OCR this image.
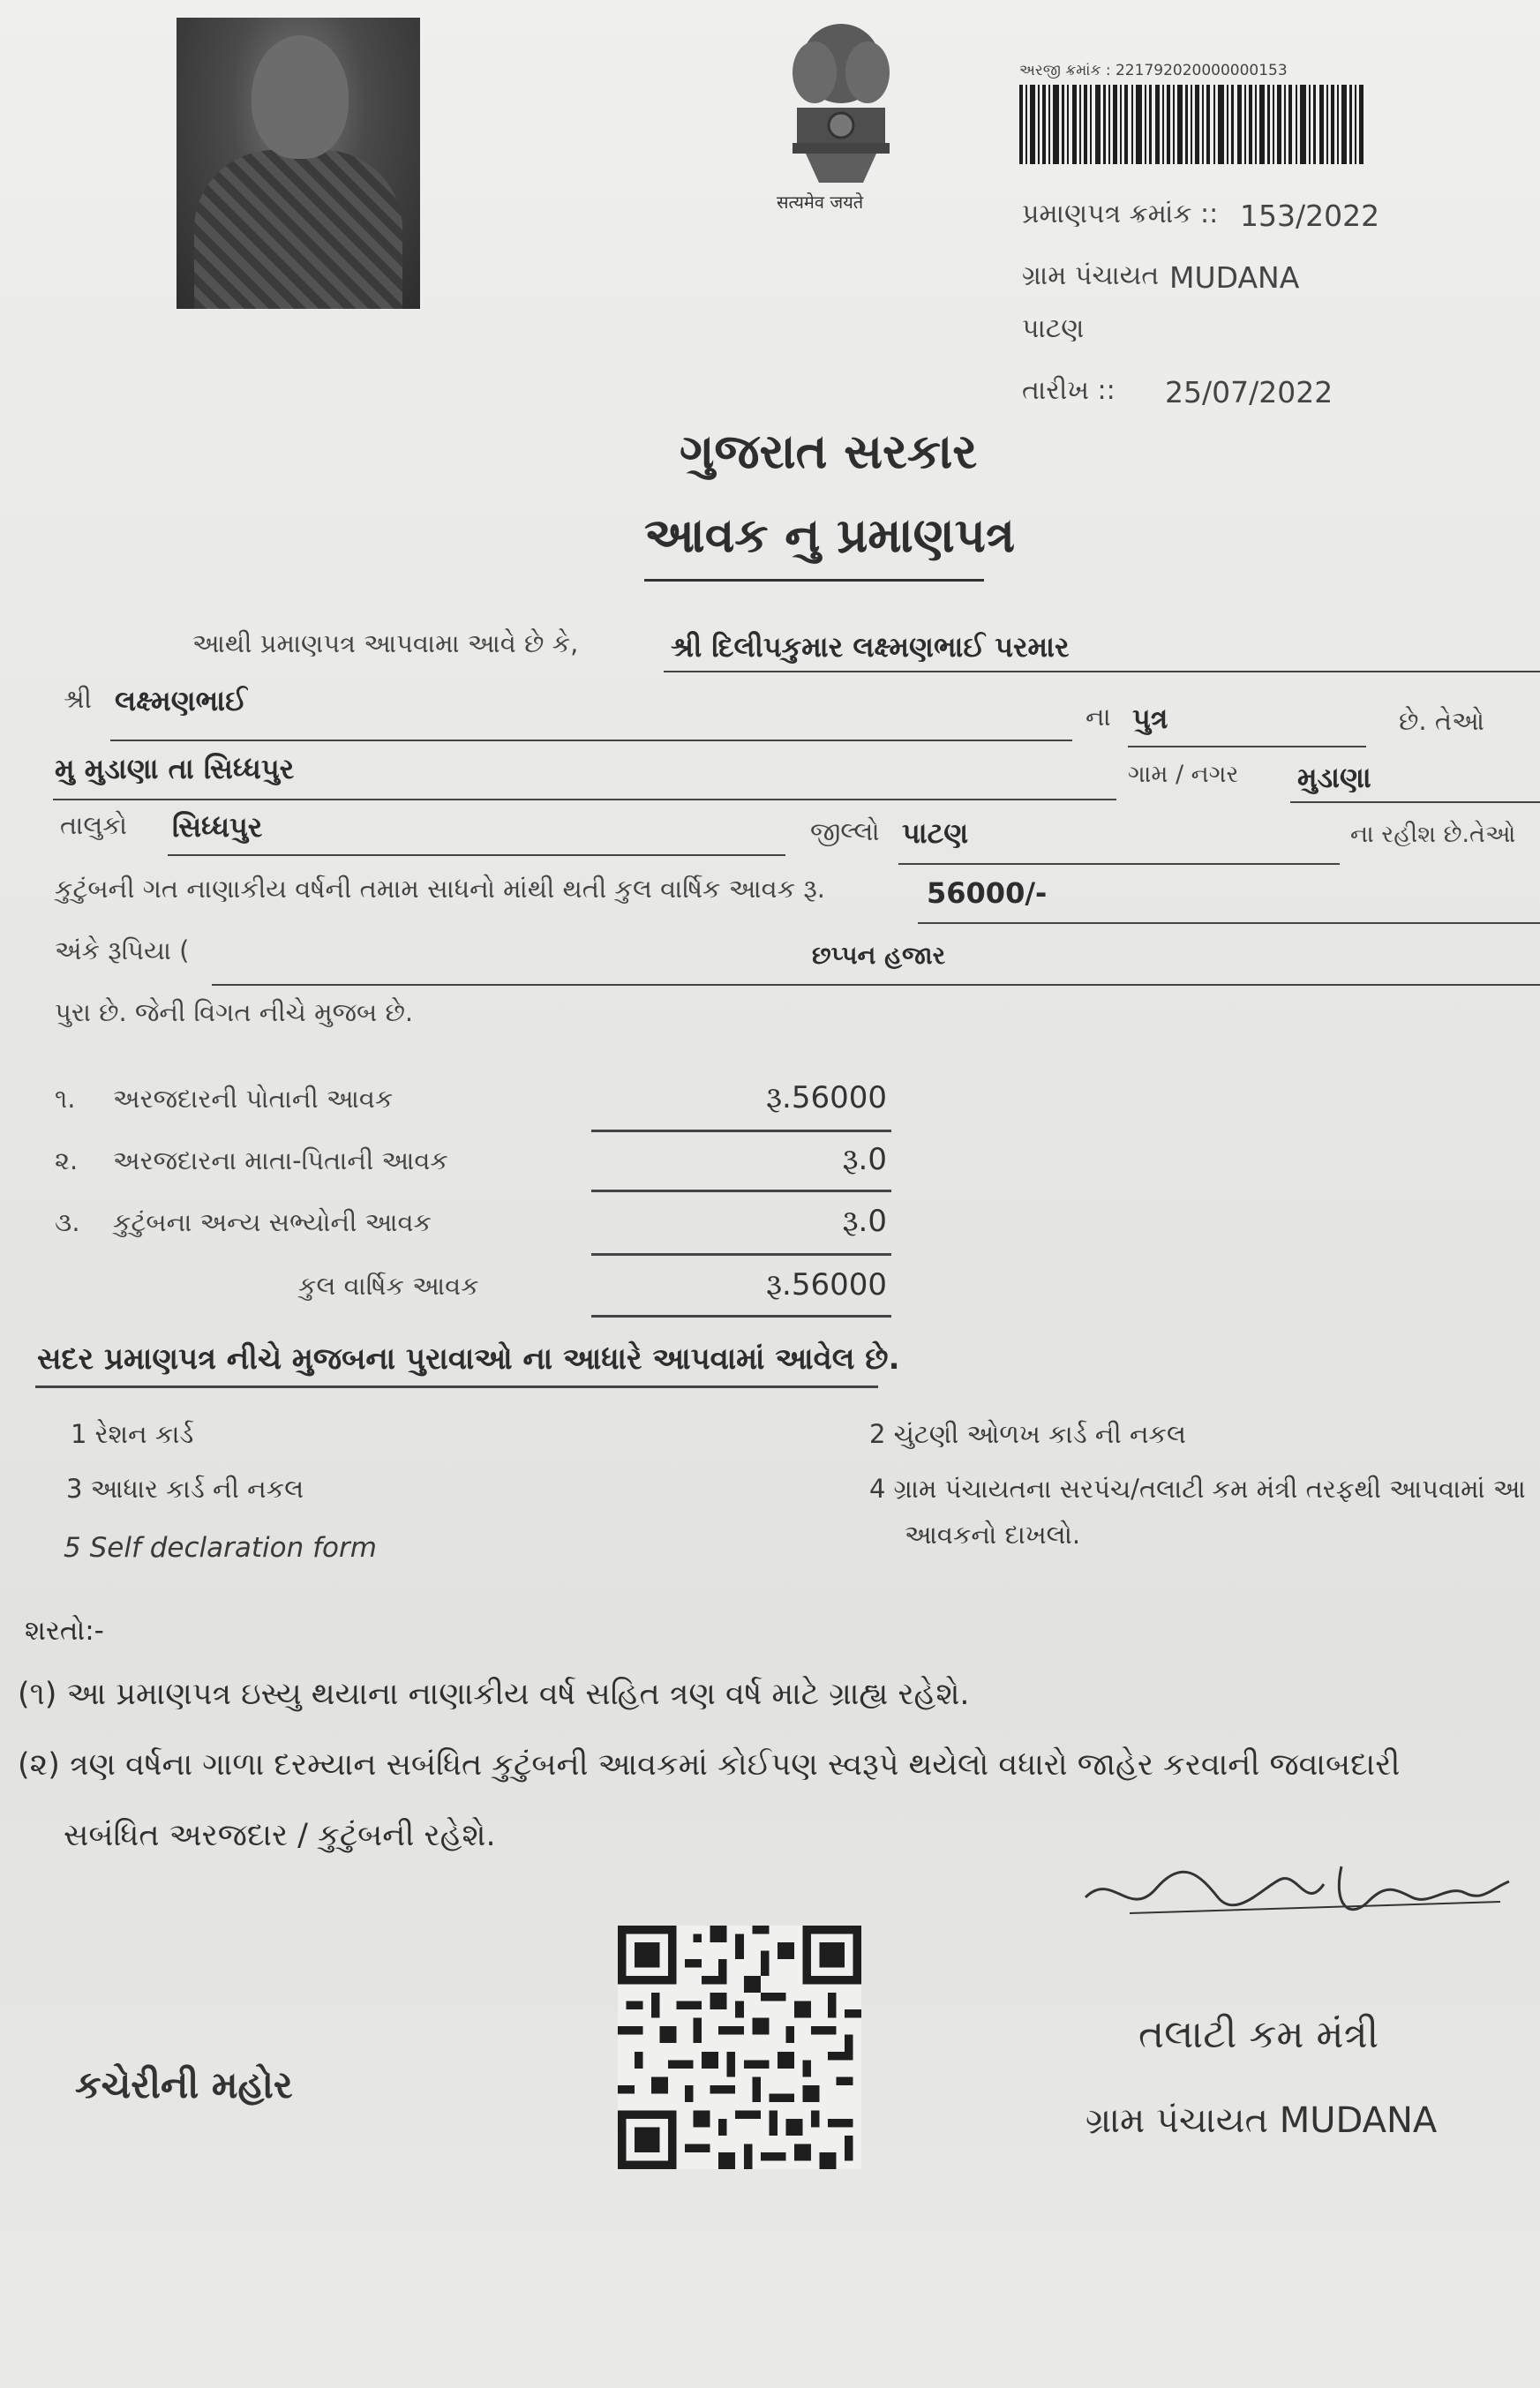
सत्यमेव जयते
અરજી ક્રમાંક : 221792020000000153
પ્રમાણપત્ર ક્રમાંક :: 153/2022
ગ્રામ પંચાયત MUDANA
પાટણ
તારીખ :: 25/07/2022
ગુજરાત સરકાર
આવક નુ પ્રમાણપત્ર
આથી પ્રમાણપત્ર આપવામા આવે છે કે,	શ્રી દિલીપકુમાર લક્ષ્મણભાઈ પરમાર
શ્રી લક્ષ્મણભાઈ	ના પુત્ર	છે. તેઓ
મુ મુડાણા તા સિધ્ધપુર	ગામ / નગર મુડાણા
તાલુકો સિધ્ધપુર	જીલ્લો પાટણ	ના રહીશ છે.તેઓ
કુટુંબની ગત નાણાકીય વર્ષની તમામ સાધનો માંથી થતી કુલ વાર્ષિક આવક રૂ.	56000/-
અંકે રૂપિયા (	છપ્પન હજાર
પુરા છે. જેની વિગત નીચે મુજબ છે.
૧. અરજદારની પોતાની આવક	રૂ.56000
૨. અરજદારના માતા-પિતાની આવક	રૂ.0
૩. કુટુંબના અન્ય સભ્યોની આવક	રૂ.0
કુલ વાર્ષિક આવક	રૂ.56000
સદર પ્રમાણપત્ર નીચે મુજબના પુરાવાઓ ના આધારે આપવામાં આવેલ છે.
1 રેશન કાર્ડ	2 ચુંટણી ઓળખ કાર્ડ ની નકલ
3 આધાર કાર્ડ ની નકલ	4 ગ્રામ પંચાયતના સરપંચ/તલાટી કમ મંત્રી તરફથી આપવામાં આ
આવકનો દાખલો.
5 Self declaration form
શરતો:-
(૧) આ પ્રમાણપત્ર ઇસ્યુ થયાના નાણાકીય વર્ષ સહિત ત્રણ વર્ષ માટે ગ્રાહ્ય રહેશે.
(૨) ત્રણ વર્ષના ગાળા દરમ્યાન સબંધિત કુટુંબની આવકમાં કોઈપણ સ્વરૂપે થયેલો વધારો જાહેર કરવાની જવાબદારી
સબંધિત અરજદાર / કુટુંબની રહેશે.
કચેરીની મહોર
તલાટી કમ મંત્રી
ગ્રામ પંચાયત MUDANA
